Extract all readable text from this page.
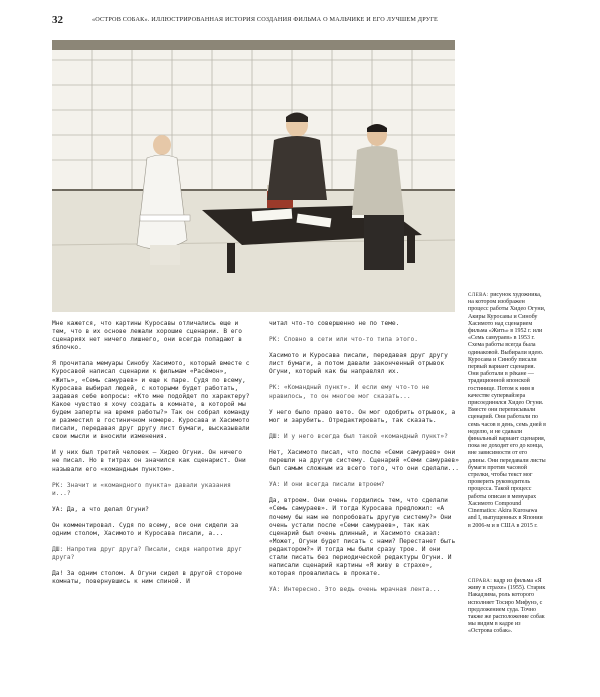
32	«ОСТРОВ СОБАК». ИЛЛЮСТРИРОВАННАЯ ИСТОРИЯ СОЗДАНИЯ ФИЛЬМА О МАЛЬЧИКЕ И ЕГО ЛУЧШЕМ ДРУГЕ

Мне кажется, что картины Куросавы отличались еще и тем, что в их основе лежали хорошие сценарии. В его сценариях нет ничего лишнего, они всегда попадают в яблочко.

Я прочитала мемуары Синобу Хасимото, который вместе с Куросавой написал сценарии к фильмам «Расёмон», «Жить», «Семь самураев» и еще к паре. Судя по всему, Куросава выбирал людей, с которыми будет работать, задавая себе вопросы: «Кто мне подойдет по характеру? Какое чувство я хочу создать в комнате, в которой мы будем заперты на время работы?» Так он собрал команду и разместил в гостиничном номере. Куросава и Хасимото писали, передавая друг другу лист бумаги, высказывали свои мысли и вносили изменения.

И у них был третий человек – Хидео Огуни. Он ничего не писал. Но в титрах он значился как сценарист. Они называли его «командным пунктом».

РК: Значит и «командного пункта» давали указания и...?

УА: Да, а что делал Огуни?

Он комментировал. Судя по всему, все они сидели за одним столом, Хасимото и Куросава писали, а...

ДШ: Напротив друг друга? Писали, сидя напротив друг друга?

Да! За одним столом. А Огуни сидел в другой стороне комнаты, повернувшись к ним спиной. И

читал что-то совершенно не по теме.

РК: Словно в сети или что-то типа этого.

Хасимото и Куросава писали, передавая друг другу лист бумаги, а потом давали законченный отрывок Огуни, который как бы направлял их.

РК: «Командный пункт». И если ему что-то не нравилось, то он многое мог сказать...

У него было право вето. Он мог одобрить отрывок, а мог и зарубить. Отредактировать, так сказать.

ДШ: И у него всегда был такой «командный пункт»?

Нет, Хасимото писал, что после «Семи самураев» они перешли на другую систему. Сценарий «Семи самураев» был самым сложным из всего того, что они сделали...

УА: И они всегда писали втроем?

Да, втроем. Они очень гордились тем, что сделали «Семь самураев». И тогда Куросава предложил: «А почему бы нам не попробовать другую систему?» Они очень устали после «Семи самураев», так как сценарий был очень длинный, и Хасимото сказал: «Может, Огуни будет писать с нами? Перестанет быть редактором?» И тогда мы были сразу трое. И они стали писать без периодической редактуры Огуни. И написали сценарий картины «Я живу в страхе», которая провалилась в прокате.

УА: Интересно. Это ведь очень мрачная лента...

СЛЕВА: рисунок художника, на котором изображен процесс работы Хидео Огуни, Акиры Куросавы и Синобу Хасимото над сценарием фильма «Жить» в 1952 г. или «Семь самураев» в 1953 г. Схема работы всегда была одинаковой. Выбирали идею. Куросава и Синобу писали первый вариант сценария. Они работали в рёкане — традиционной японской гостинице. Потом к ним в качестве супервайзера присоединялся Хидео Огуни. Вместе они переписывали сценарий. Они работали по семь часов в день, семь дней в неделю, и не сдавали финальный вариант сценария, пока не доходят его до конца, вне зависимости от его длины. Они передавали листы бумаги против часовой стрелки, чтобы текст мог проверить руководитель процесса. Такой процесс работы описан в мемуарах Хасимото Compound Cinematics: Akira Kurosawa and I, выпущенных в Японии в 2006-м и в США в 2015 г.
СПРАВА: кадр из фильма «Я живу в страхе» (1955). Старик Накадзима, роль которого исполняет Тосиро Мифунэ, с предложением суда. Точно также же расположение собак мы видим в кадре из «Острова собак».
